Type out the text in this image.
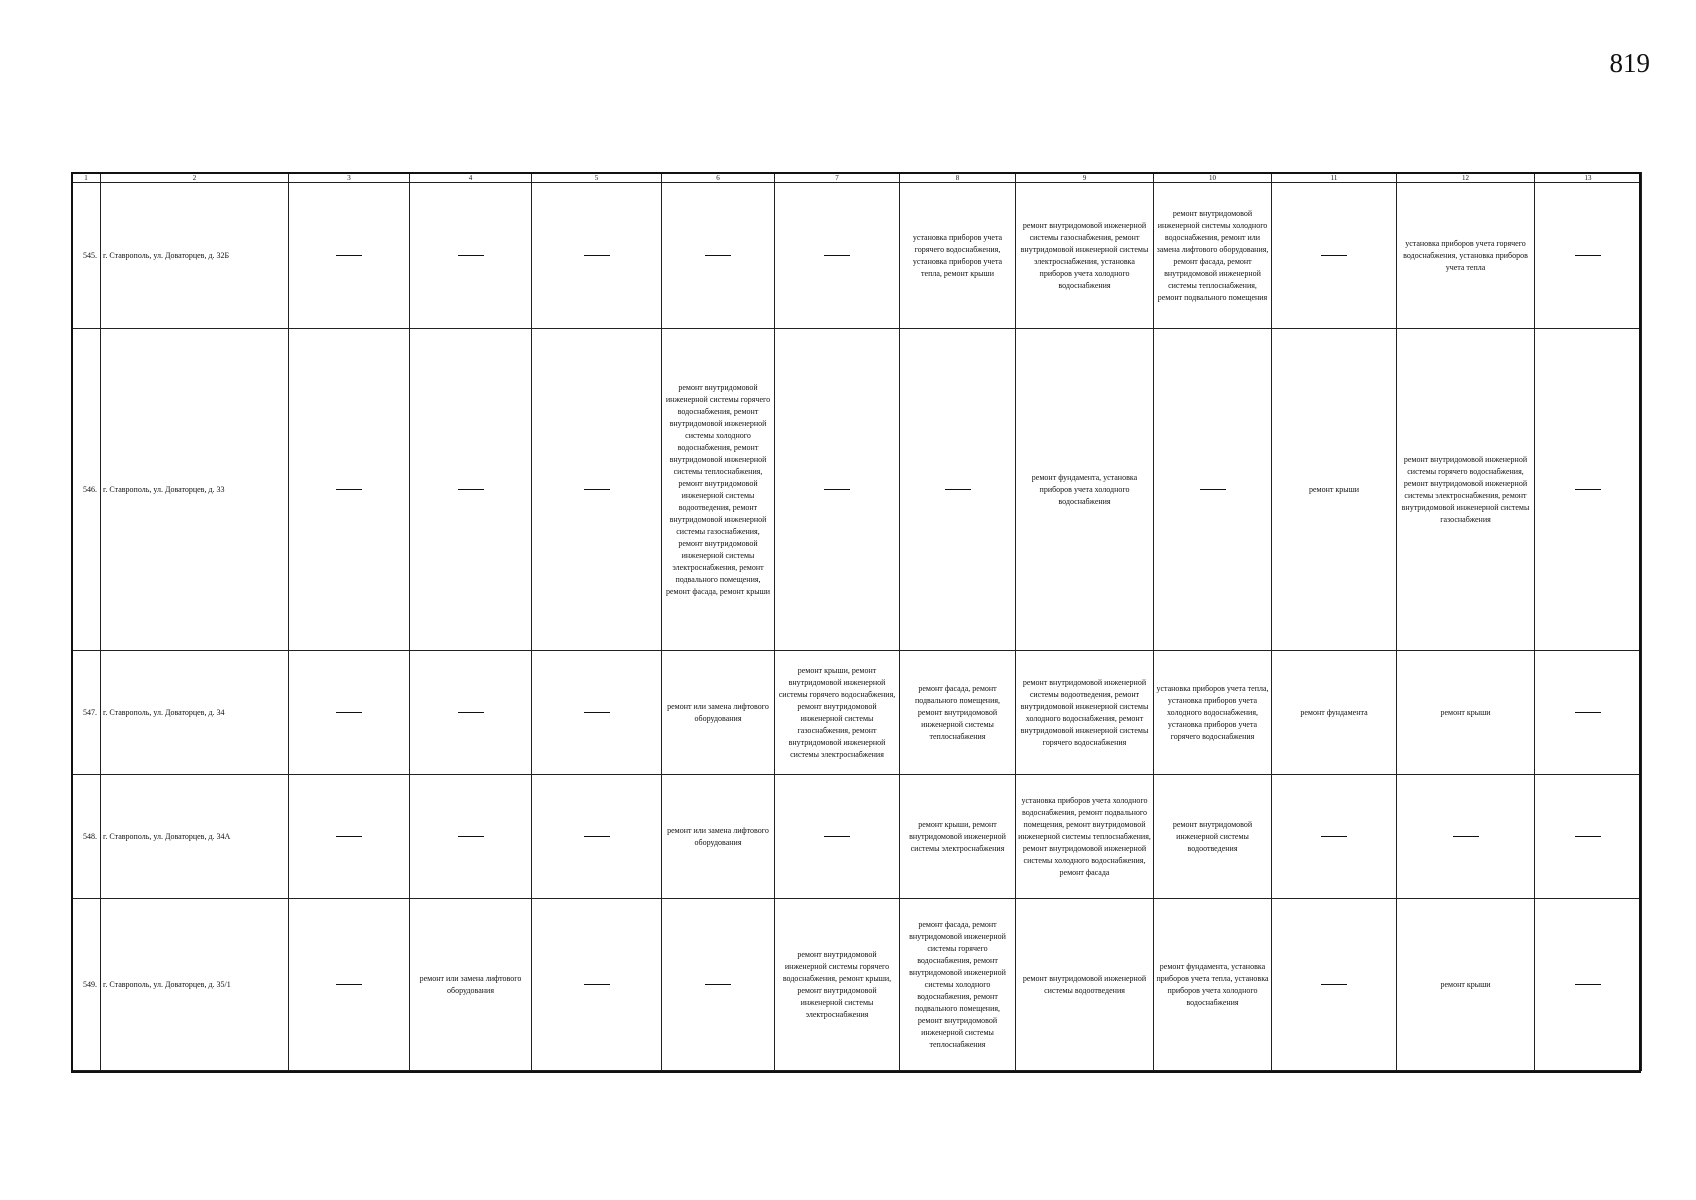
819
1	2	3	4	5	6	7	8	9	10	11	12	13
545.	г. Ставрополь, ул. Доваторцев, д. 32Б						установка приборов учета горячего водоснабжения, установка приборов учета тепла, ремонт крыши	ремонт внутридомовой инженерной системы газоснабжения, ремонт внутридомовой инженерной системы электроснабжения, установка приборов учета холодного водоснабжения	ремонт внутридомовой инженерной системы холодного водоснабжения, ремонт или замена лифтового оборудования, ремонт фасада, ремонт внутридомовой инженерной системы теплоснабжения, ремонт подвального помещения		установка приборов учета горячего водоснабжения, установка приборов учета тепла	
546.	г. Ставрополь, ул. Доваторцев, д. 33				ремонт внутридомовой инженерной системы горячего водоснабжения, ремонт внутридомовой инженерной системы холодного водоснабжения, ремонт внутридомовой инженерной системы теплоснабжения, ремонт внутридомовой инженерной системы водоотведения, ремонт внутридомовой инженерной системы газоснабжения, ремонт внутридомовой инженерной системы электроснабжения, ремонт подвального помещения, ремонт фасада, ремонт крыши			ремонт фундамента, установка приборов учета холодного водоснабжения		ремонт крыши	ремонт внутридомовой инженерной системы горячего водоснабжения, ремонт внутридомовой инженерной системы электроснабжения, ремонт внутридомовой инженерной системы газоснабжения	
547.	г. Ставрополь, ул. Доваторцев, д. 34				ремонт или замена лифтового оборудования	ремонт крыши, ремонт внутридомовой инженерной системы горячего водоснабжения, ремонт внутридомовой инженерной системы газоснабжения, ремонт внутридомовой инженерной системы электроснабжения	ремонт фасада, ремонт подвального помещения, ремонт внутридомовой инженерной системы теплоснабжения	ремонт внутридомовой инженерной системы водоотведения, ремонт внутридомовой инженерной системы холодного водоснабжения, ремонт внутридомовой инженерной системы горячего водоснабжения	установка приборов учета тепла, установка приборов учета холодного водоснабжения, установка приборов учета горячего водоснабжения	ремонт фундамента	ремонт крыши	
548.	г. Ставрополь, ул. Доваторцев, д. 34А				ремонт или замена лифтового оборудования		ремонт крыши, ремонт внутридомовой инженерной системы электроснабжения	установка приборов учета холодного водоснабжения, ремонт подвального помещения, ремонт внутридомовой инженерной системы теплоснабжения, ремонт внутридомовой инженерной системы холодного водоснабжения, ремонт фасада	ремонт внутридомовой инженерной системы водоотведения			
549.	г. Ставрополь, ул. Доваторцев, д. 35/1		ремонт или замена лифтового оборудования			ремонт внутридомовой инженерной системы горячего водоснабжения, ремонт крыши, ремонт внутридомовой инженерной системы электроснабжения	ремонт фасада, ремонт внутридомовой инженерной системы горячего водоснабжения, ремонт внутридомовой инженерной системы холодного водоснабжения, ремонт подвального помещения, ремонт внутридомовой инженерной системы теплоснабжения	ремонт внутридомовой инженерной системы водоотведения	ремонт фундамента, установка приборов учета тепла, установка приборов учета холодного водоснабжения		ремонт крыши	
